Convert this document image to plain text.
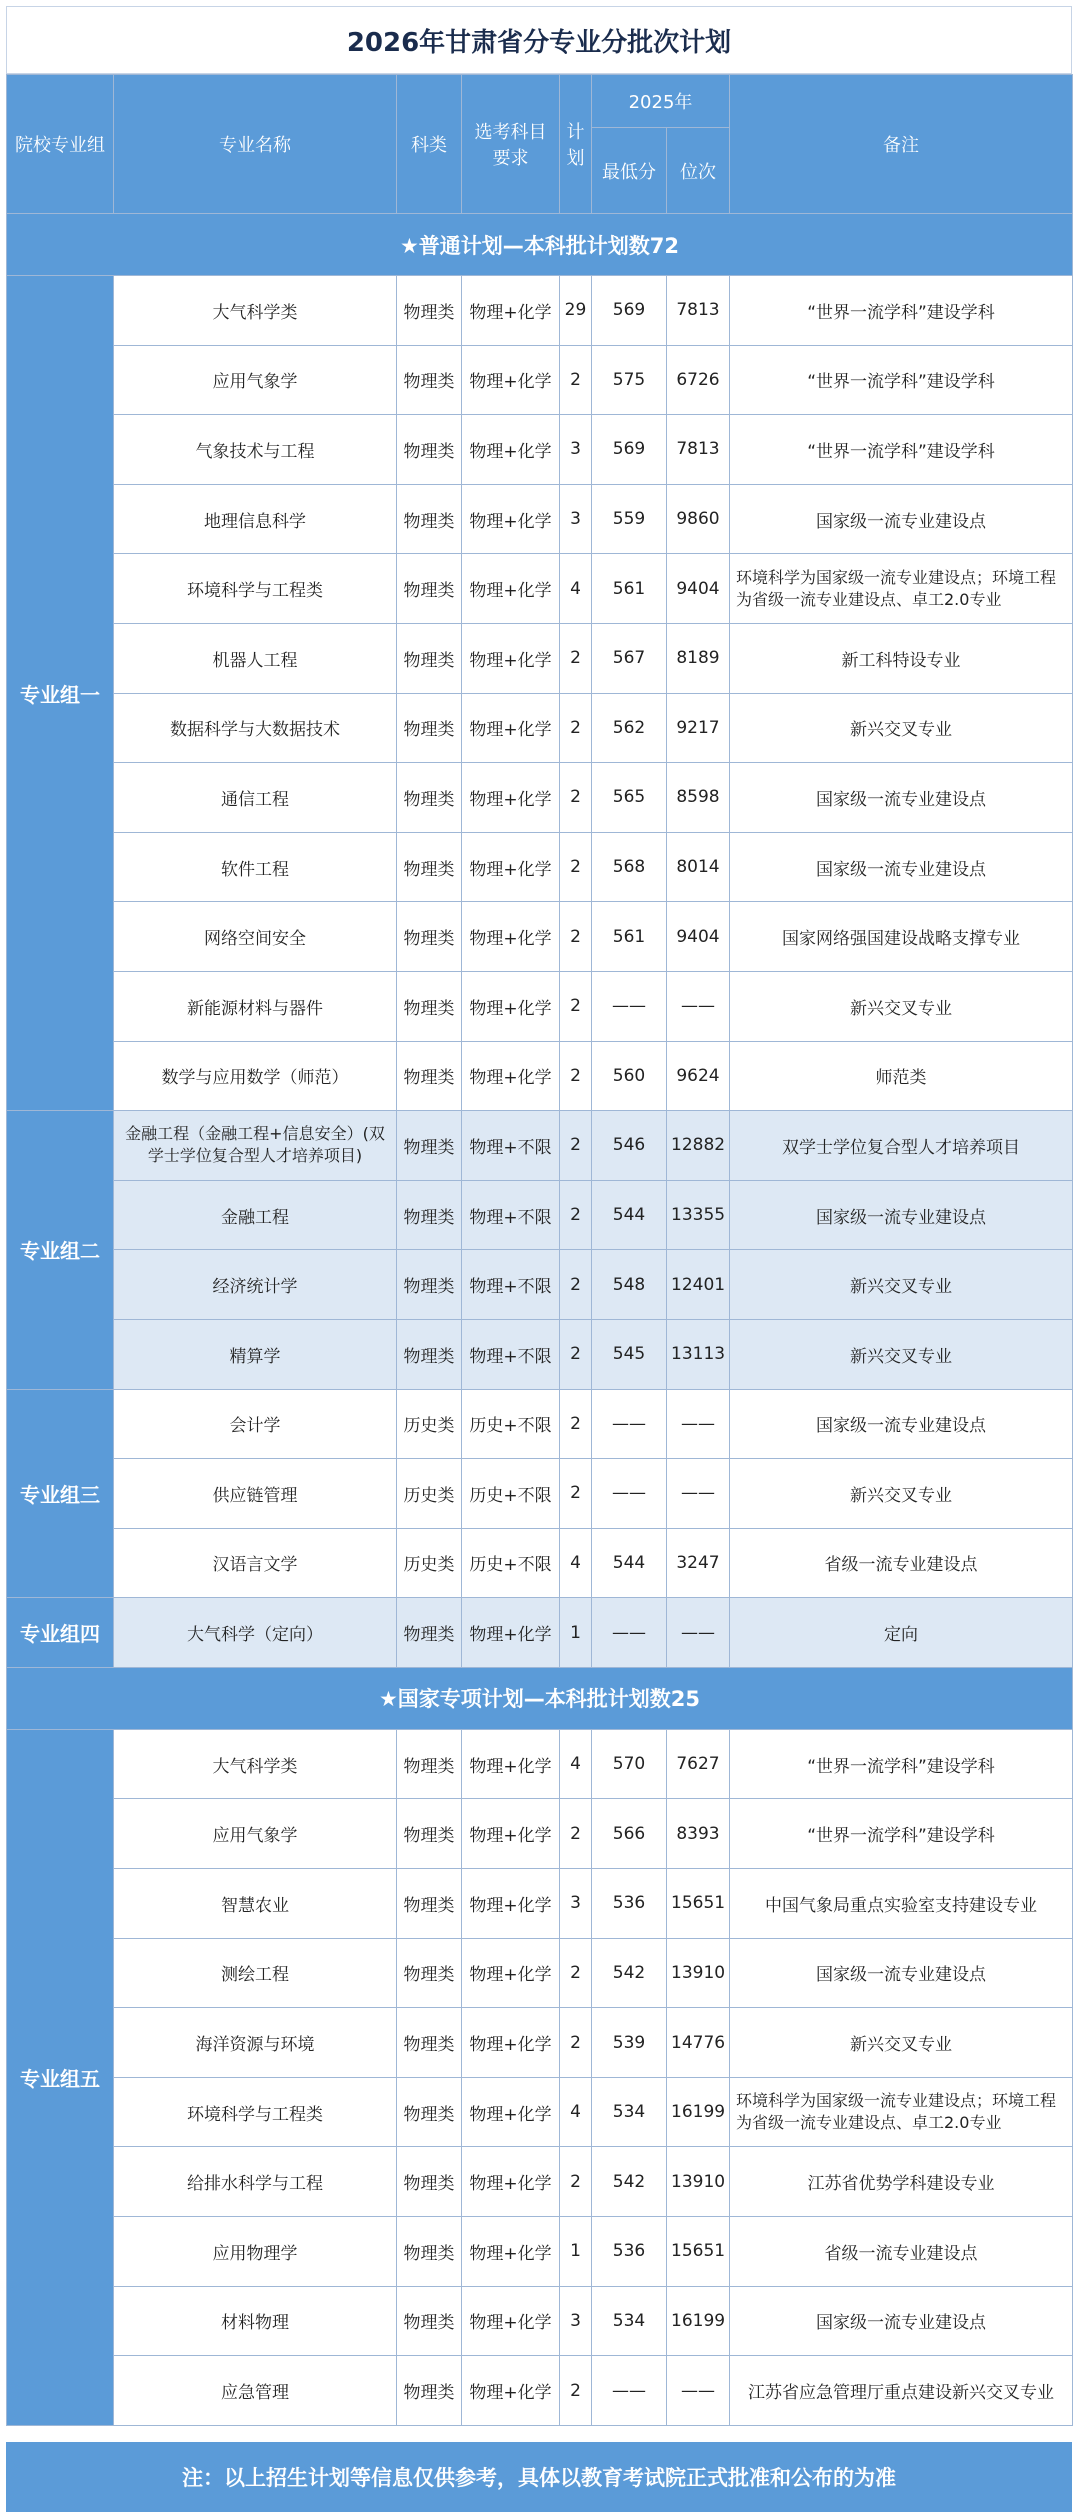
2026年甘肃省分专业分批次计划
院校专业组	专业名称	科类	选考科目要求	计划	2025年		备注
					最低分	位次	
★普通计划—本科批计划数72							
专业组一	大气科学类	物理类	物理+化学	29	569	7813	“世界一流学科”建设学科
	应用气象学	物理类	物理+化学	2	575	6726	“世界一流学科”建设学科
	气象技术与工程	物理类	物理+化学	3	569	7813	“世界一流学科”建设学科
	地理信息科学	物理类	物理+化学	3	559	9860	国家级一流专业建设点
	环境科学与工程类	物理类	物理+化学	4	561	9404	环境科学为国家级一流专业建设点；环境工程为省级一流专业建设点、卓工2.0专业
	机器人工程	物理类	物理+化学	2	567	8189	新工科特设专业
	数据科学与大数据技术	物理类	物理+化学	2	562	9217	新兴交叉专业
	通信工程	物理类	物理+化学	2	565	8598	国家级一流专业建设点
	软件工程	物理类	物理+化学	2	568	8014	国家级一流专业建设点
	网络空间安全	物理类	物理+化学	2	561	9404	国家网络强国建设战略支撑专业
	新能源材料与器件	物理类	物理+化学	2	——	——	新兴交叉专业
	数学与应用数学（师范）	物理类	物理+化学	2	560	9624	师范类
专业组二	金融工程（金融工程+信息安全）(双学士学位复合型人才培养项目)	物理类	物理+不限	2	546	12882	双学士学位复合型人才培养项目
	金融工程	物理类	物理+不限	2	544	13355	国家级一流专业建设点
	经济统计学	物理类	物理+不限	2	548	12401	新兴交叉专业
	精算学	物理类	物理+不限	2	545	13113	新兴交叉专业
专业组三	会计学	历史类	历史+不限	2	——	——	国家级一流专业建设点
	供应链管理	历史类	历史+不限	2	——	——	新兴交叉专业
	汉语言文学	历史类	历史+不限	4	544	3247	省级一流专业建设点
专业组四	大气科学（定向）	物理类	物理+化学	1	——	——	定向
★国家专项计划—本科批计划数25							
专业组五	大气科学类	物理类	物理+化学	4	570	7627	“世界一流学科”建设学科
	应用气象学	物理类	物理+化学	2	566	8393	“世界一流学科”建设学科
	智慧农业	物理类	物理+化学	3	536	15651	中国气象局重点实验室支持建设专业
	测绘工程	物理类	物理+化学	2	542	13910	国家级一流专业建设点
	海洋资源与环境	物理类	物理+化学	2	539	14776	新兴交叉专业
	环境科学与工程类	物理类	物理+化学	4	534	16199	环境科学为国家级一流专业建设点；环境工程为省级一流专业建设点、卓工2.0专业
	给排水科学与工程	物理类	物理+化学	2	542	13910	江苏省优势学科建设专业
	应用物理学	物理类	物理+化学	1	536	15651	省级一流专业建设点
	材料物理	物理类	物理+化学	3	534	16199	国家级一流专业建设点
	应急管理	物理类	物理+化学	2	——	——	江苏省应急管理厅重点建设新兴交叉专业
注：以上招生计划等信息仅供参考，具体以教育考试院正式批准和公布的为准
